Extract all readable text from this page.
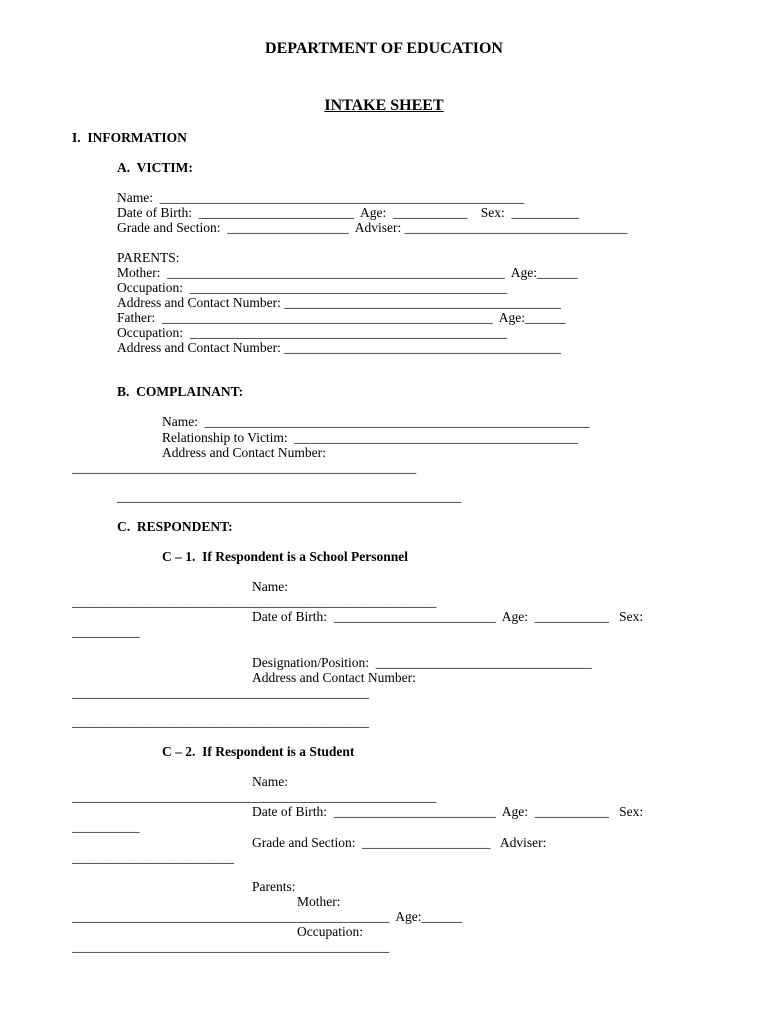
DEPARTMENT OF EDUCATION
INTAKE SHEET
I.  INFORMATION
A.  VICTIM:
Name:  ______________________________________________________
Date of Birth:  _______________________  Age:  ___________    Sex:  __________
Grade and Section:  __________________  Adviser: _________________________________
PARENTS:
Mother:  __________________________________________________  Age:______
Occupation:  _______________________________________________
Address and Contact Number: _________________________________________
Father:  _________________________________________________  Age:______
Occupation:  _______________________________________________
Address and Contact Number: _________________________________________
B.  COMPLAINANT:
Name:  _________________________________________________________
Relationship to Victim:  __________________________________________
Address and Contact Number:
___________________________________________________
___________________________________________________
C.  RESPONDENT:
C – 1.  If Respondent is a School Personnel
Name:
______________________________________________________
Date of Birth:  ________________________  Age:  ___________   Sex:
__________
Designation/Position:  ________________________________
Address and Contact Number:
____________________________________________
____________________________________________
C – 2.  If Respondent is a Student
Name:
______________________________________________________
Date of Birth:  ________________________  Age:  ___________   Sex:
__________
Grade and Section:  ___________________   Adviser:
________________________
Parents:
Mother:
_______________________________________________  Age:______
Occupation:
_______________________________________________
